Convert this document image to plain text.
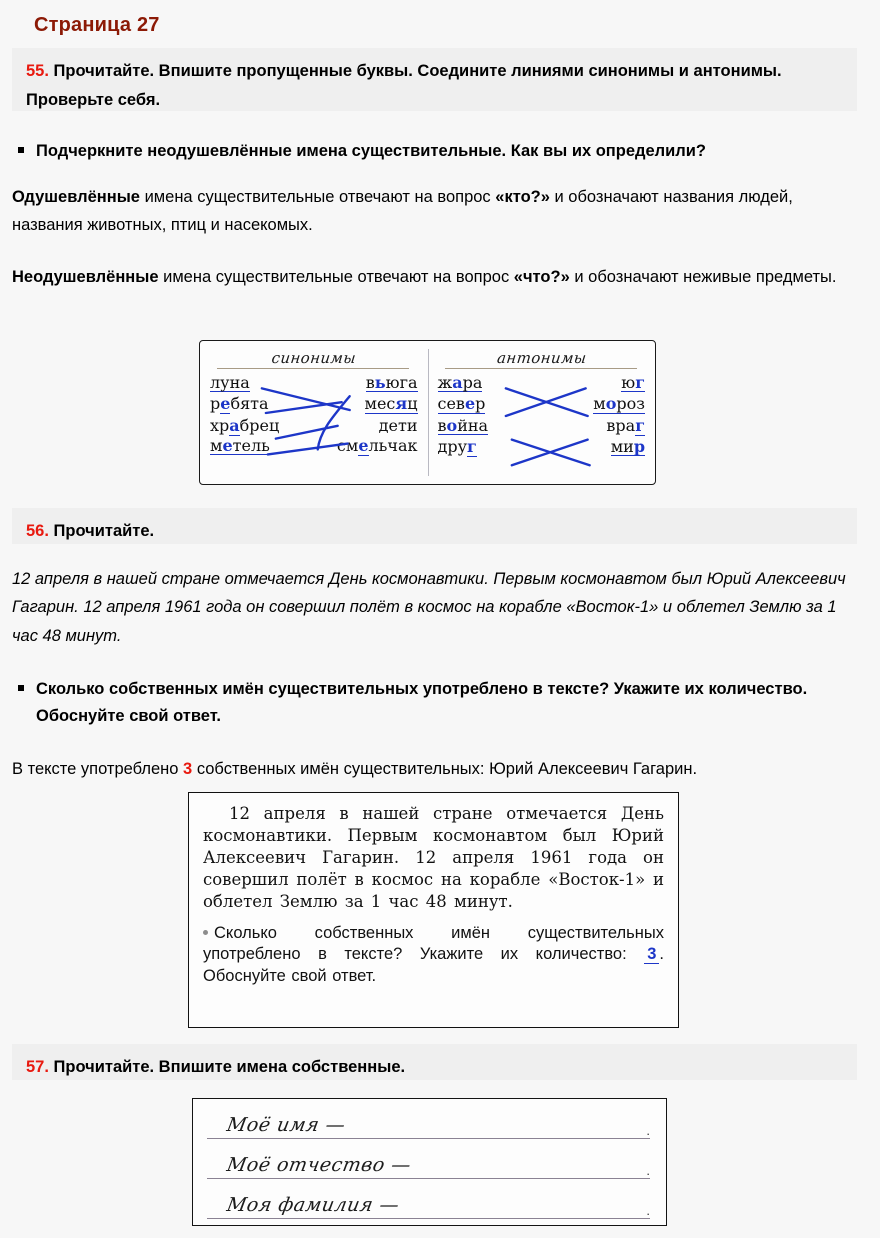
Страница 27
55. Прочитайте. Впишите пропущенные буквы. Соедините линиями синонимы и антонимы. Проверьте себя.
Подчеркните неодушевлённые имена существительные. Как вы их определили?
Одушевлённые имена существительные отвечают на вопрос «кто?» и обозначают названия людей, названия животных, птиц и насекомых.
Неодушевлённые имена существительные отвечают на вопрос «что?» и обозначают неживые предметы.
синонимы
луна	вьюга
ребята	месяц
храбрец	дети
метель	смельчак
антонимы
жара	юг
север	мороз
война	враг
друг	мир
56. Прочитайте.
12 апреля в нашей стране отмечается День космонавтики. Первым космонавтом был Юрий Алексеевич Гагарин. 12 апреля 1961 года он совершил полёт в космос на корабле «Восток-1» и облетел Землю за 1 час 48 минут.
Сколько собственных имён существительных употреблено в тексте? Укажите их количество. Обоснуйте свой ответ.
В тексте употреблено 3 собственных имён существительных: Юрий Алексеевич Гагарин.

12 апреля в нашей стране отмечается День космонавтики. Первым космонавтом был Юрий Алексеевич Гагарин. 12 апреля 1961 года он совершил полёт в космос на корабле «Восток-1» и облетел Землю за 1 час 48 минут.

Сколько собственных имён существительных употреблено в тексте? Укажите их количество: 3 . Обоснуйте свой ответ.

57. Прочитайте. Впишите имена собственные.
Моё имя —	.
Моё отчество —	.
Моя фамилия —	.
